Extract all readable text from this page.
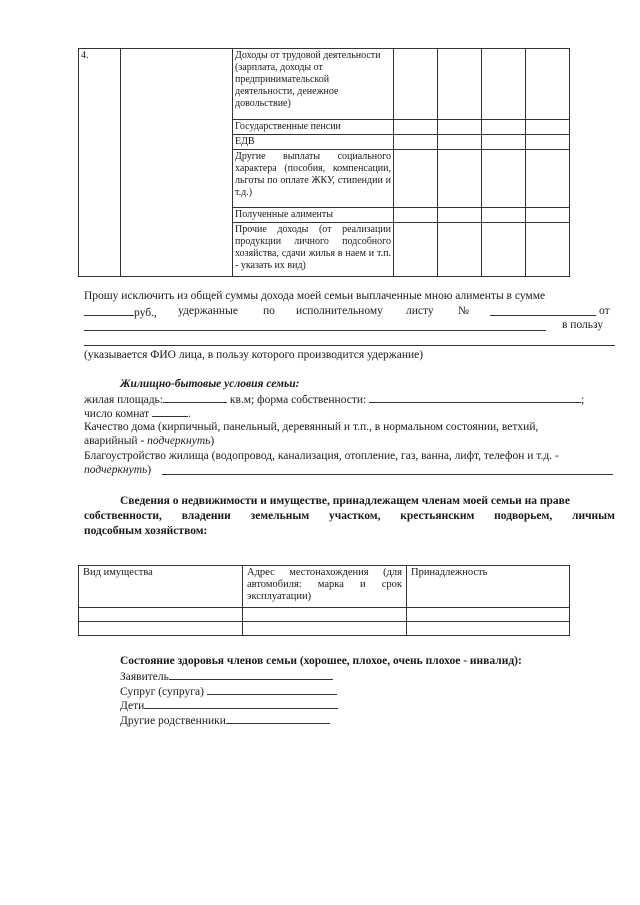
4.		Доходы от трудовой деятельности (зарплата, доходы от предпринимательской деятельности, денежное довольствие)				
		Государственные пенсии				
		ЕДВ				
		Другие выплаты социального характера (пособия, компенсации, льготы по оплате ЖКУ, стипендии и т.д.)				
		Полученные алименты				
		Прочие доходы (от реализации продукции личного подсобного хозяйства, сдачи жилья в наем и т.п. - указать их вид)				
Прошу исключить из общей суммы дохода моей семьи выплаченные мною алименты в сумме
руб., удержанные по исполнительному листу №	от
в пользу
(указывается ФИО лица, в пользу которого производится удержание)
Жилищно-бытовые условия семьи:
жилая площадь:	кв.м; форма собственности:	;
число комнат	.
Качество дома (кирпичный, панельный, деревянный и т.п., в нормальном состоянии, ветхий,
аварийный - подчеркнуть)
Благоустройство жилища (водопровод, канализация, отопление, газ, ванна, лифт, телефон и т.д. -
подчеркнуть)
Сведения о недвижимости и имуществе, принадлежащем членам моей семьи на праве
собственности, владении земельным участком, крестьянским подворьем, личным
подсобным хозяйством:
Вид имущества	Адрес местонахождения (для автомобиля: марка и срок эксплуатации)	Принадлежность

Состояние здоровья членов семьи (хорошее, плохое, очень плохое - инвалид):
Заявитель
Супруг (супруга)
Дети
Другие родственники
